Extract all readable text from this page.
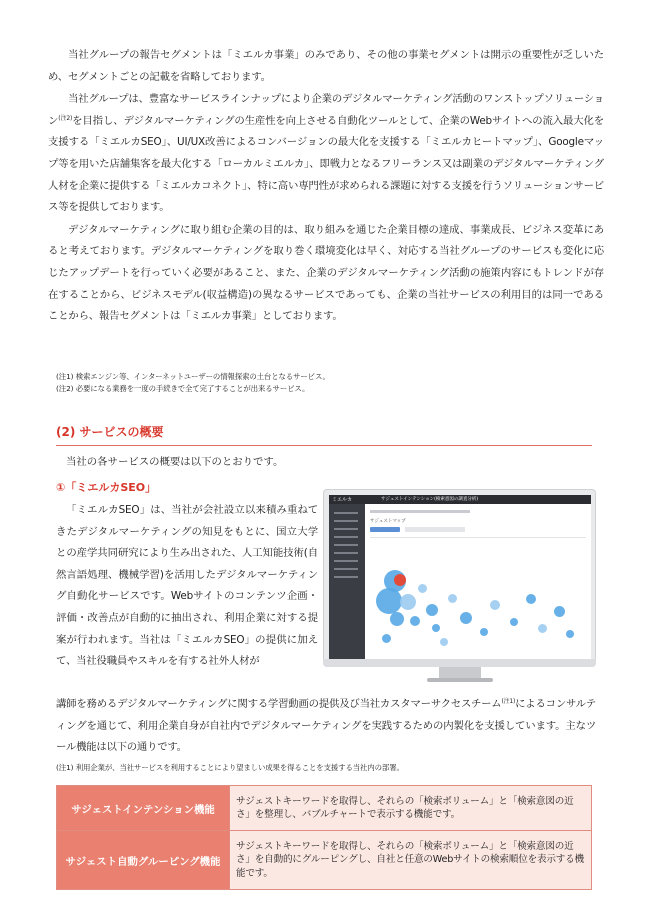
当社グループの報告セグメントは「ミエルカ事業」のみであり、その他の事業セグメントは開示の重要性が乏しいため、セグメントごとの記載を省略しております。

当社グループは、豊富なサービスラインナップにより企業のデジタルマーケティング活動のワンストップソリューション$^{(注2)}$を目指し、デジタルマーケティングの生産性を向上させる自動化ツールとして、企業のWebサイトへの流入最大化を支援する「ミエルカSEO」、UI/UX改善によるコンバージョンの最大化を支援する「ミエルカヒートマップ」、Googleマップ等を用いた店舗集客を最大化する「ローカルミエルカ」、即戦力となるフリーランス又は副業のデジタルマーケティング人材を企業に提供する「ミエルカコネクト」、特に高い専門性が求められる課題に対する支援を行うソリューションサービス等を提供しております。

デジタルマーケティングに取り組む企業の目的は、取り組みを通じた企業目標の達成、事業成長、ビジネス変革にあると考えております。デジタルマーケティングを取り巻く環境変化は早く、対応する当社グループのサービスも変化に応じたアップデートを行っていく必要があること、また、企業のデジタルマーケティング活動の施策内容にもトレンドが存在することから、ビジネスモデル(収益構造)の異なるサービスであっても、企業の当社サービスの利用目的は同一であることから、報告セグメントは「ミエルカ事業」としております。

(注1) 検索エンジン等、インターネットユーザーの情報探索の土台となるサービス。

(注2) 必要になる業務を一度の手続きで全て完了することが出来るサービス。

(2) サービスの概要

当社の各サービスの概要は以下のとおりです。

①「ミエルカSEO」

「ミエルカSEO」は、当社が会社設立以来積み重ねてきたデジタルマーケティングの知見をもとに、国立大学との産学共同研究により生み出された、人工知能技術(自然言語処理、機械学習)を活用したデジタルマーケティング自動化サービスです。Webサイトのコンテンツ企画・評価・改善点が自動的に抽出され、利用企業に対する提案が行われます。当社は「ミエルカSEO」の提供に加えて、当社役職員やスキルを有する社外人材が

ミエルカ	サジェストインテンション(検索意図の調査分析)
サジェストマップ

講師を務めるデジタルマーケティングに関する学習動画の提供及び当社カスタマーサクセスチーム$^{(注1)}$によるコンサルティングを通じて、利用企業自身が自社内でデジタルマーケティングを実践するための内製化を支援しています。主なツール機能は以下の通りです。

(注1) 利用企業が、当社サービスを利用することにより望ましい成果を得ることを支援する当社内の部署。

サジェストインテンション機能	サジェストキーワードを取得し、それらの「検索ボリューム」と「検索意図の近さ」を整理し、バブルチャートで表示する機能です。
サジェスト自動グルーピング機能	サジェストキーワードを取得し、それらの「検索ボリューム」と「検索意図の近さ」を自動的にグルーピングし、自社と任意のWebサイトの検索順位を表示する機能です。
